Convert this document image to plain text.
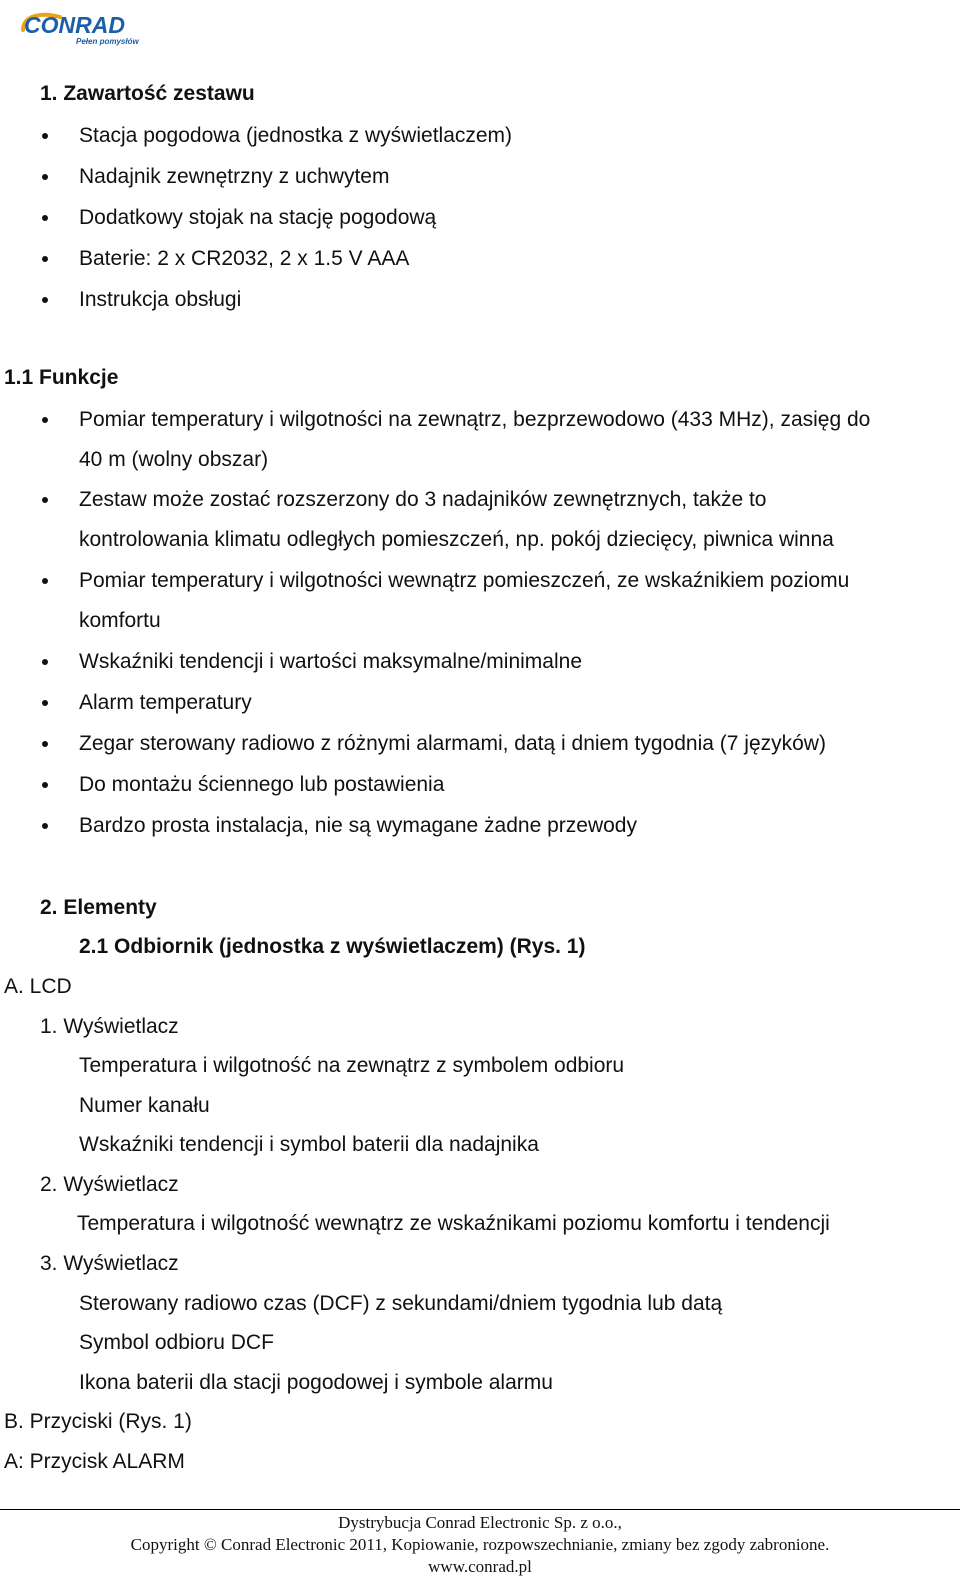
CONRAD
Pełen pomysłów
1. Zawartość zestawu
Stacja pogodowa (jednostka z wyświetlaczem)
Nadajnik zewnętrzny z uchwytem
Dodatkowy stojak na stację pogodową
Baterie: 2 x CR2032, 2 x 1.5 V AAA
Instrukcja obsługi
1.1 Funkcje
Pomiar temperatury i wilgotności na zewnątrz, bezprzewodowo (433 MHz), zasięg do
40 m (wolny obszar)
Zestaw może zostać rozszerzony do 3 nadajników zewnętrznych, także to
kontrolowania klimatu odległych pomieszczeń, np. pokój dziecięcy, piwnica winna
Pomiar temperatury i wilgotności wewnątrz pomieszczeń, ze wskaźnikiem poziomu
komfortu
Wskaźniki tendencji i wartości maksymalne/minimalne
Alarm temperatury
Zegar sterowany radiowo z różnymi alarmami, datą i dniem tygodnia (7 języków)
Do montażu ściennego lub postawienia
Bardzo prosta instalacja, nie są wymagane żadne przewody
2. Elementy
2.1 Odbiornik (jednostka z wyświetlaczem) (Rys. 1)
A. LCD
1. Wyświetlacz
Temperatura i wilgotność na zewnątrz z symbolem odbioru
Numer kanału
Wskaźniki tendencji i symbol baterii dla nadajnika
2. Wyświetlacz
Temperatura i wilgotność wewnątrz ze wskaźnikami poziomu komfortu i tendencji
3. Wyświetlacz
Sterowany radiowo czas (DCF) z sekundami/dniem tygodnia lub datą
Symbol odbioru DCF
Ikona baterii dla stacji pogodowej i symbole alarmu
B. Przyciski (Rys. 1)
A: Przycisk ALARM
Dystrybucja Conrad Electronic Sp. z o.o.,
Copyright © Conrad Electronic 2011, Kopiowanie, rozpowszechnianie, zmiany bez zgody zabronione.
www.conrad.pl
